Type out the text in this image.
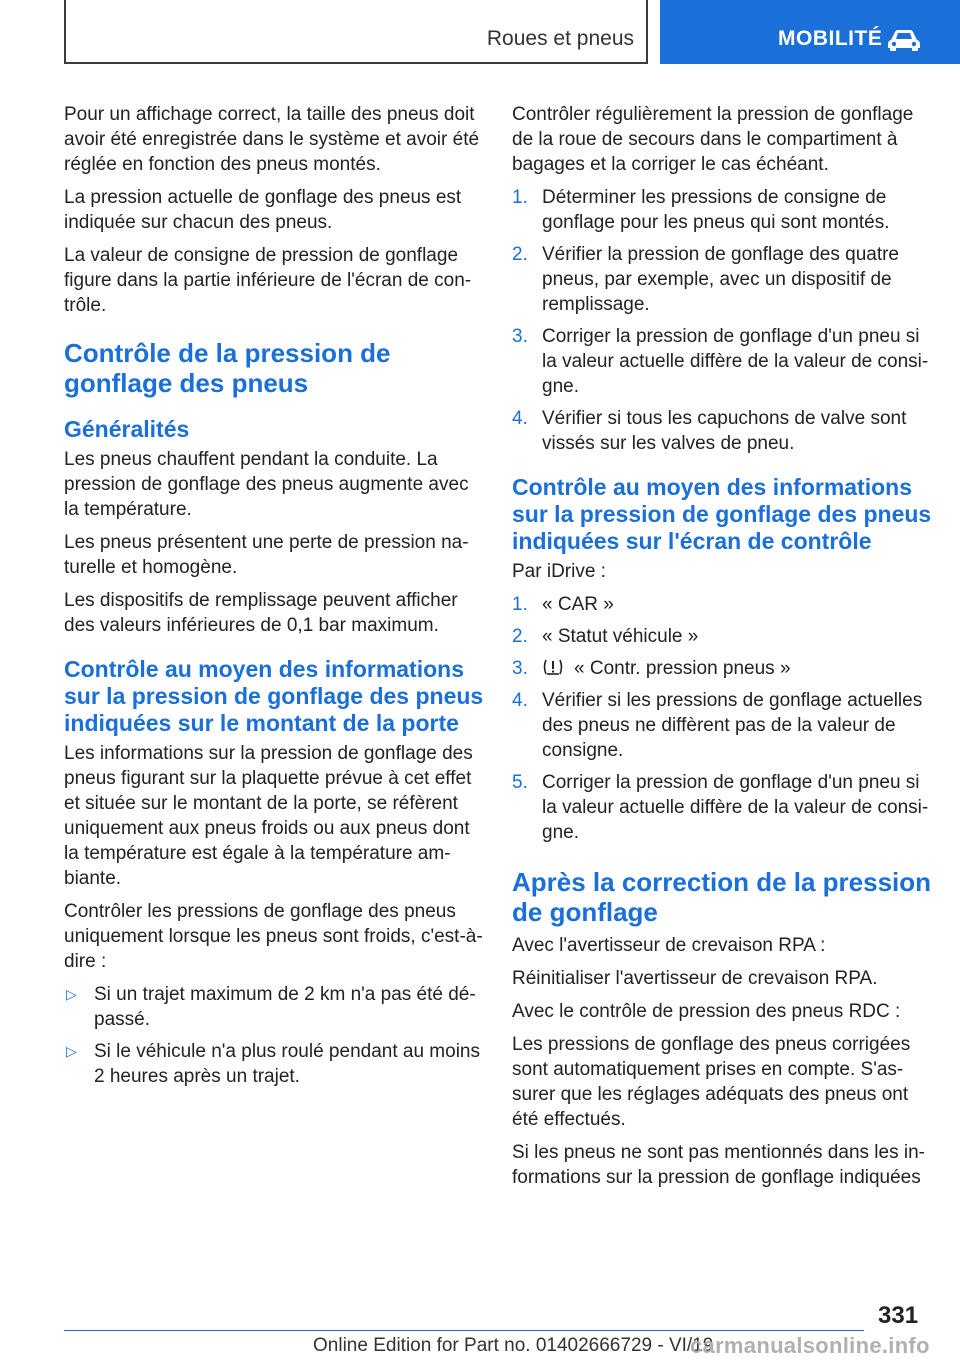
Roues et pneus	MOBILITÉ

Pour un affichage correct, la taille des pneus doit avoir été enregistrée dans le système et avoir été réglée en fonction des pneus montés.

La pression actuelle de gonflage des pneus est indiquée sur chacun des pneus.

La valeur de consigne de pression de gonflage figure dans la partie inférieure de l'écran de contrôle.

Contrôle de la pression de gonflage des pneus
Généralités

Les pneus chauffent pendant la conduite. La pression de gonflage des pneus augmente avec la température.

Les pneus présentent une perte de pression naturelle et homogène.

Les dispositifs de remplissage peuvent afficher des valeurs inférieures de 0,1 bar maximum.

Contrôle au moyen des informations sur la pression de gonflage des pneus indiquées sur le montant de la porte

Les informations sur la pression de gonflage des pneus figurant sur la plaquette prévue à cet effet et située sur le montant de la porte, se réfèrent uniquement aux pneus froids ou aux pneus dont la température est égale à la température ambiante.

Contrôler les pressions de gonflage des pneus uniquement lorsque les pneus sont froids, c'est-à-dire :

▷ Si un trajet maximum de 2 km n'a pas été dépassé.
▷ Si le véhicule n'a plus roulé pendant au moins 2 heures après un trajet.

Contrôler régulièrement la pression de gonflage de la roue de secours dans le compartiment à bagages et la corriger le cas échéant.

1. Déterminer les pressions de consigne de gonflage pour les pneus qui sont montés.
2. Vérifier la pression de gonflage des quatre pneus, par exemple, avec un dispositif de remplissage.
3. Corriger la pression de gonflage d'un pneu si la valeur actuelle diffère de la valeur de consigne.
4. Vérifier si tous les capuchons de valve sont vissés sur les valves de pneu.
Contrôle au moyen des informations sur la pression de gonflage des pneus indiquées sur l'écran de contrôle

Par iDrive :

1. « CAR »
2. « Statut véhicule »
3. « Contr. pression pneus »
4. Vérifier si les pressions de gonflage actuelles des pneus ne diffèrent pas de la valeur de consigne.
5. Corriger la pression de gonflage d'un pneu si la valeur actuelle diffère de la valeur de consigne.
Après la correction de la pression de gonflage

Avec l'avertisseur de crevaison RPA :

Réinitialiser l'avertisseur de crevaison RPA.

Avec le contrôle de pression des pneus RDC :

Les pressions de gonflage des pneus corrigées sont automatiquement prises en compte. S'assurer que les réglages adéquats des pneus ont été effectués.

Si les pneus ne sont pas mentionnés dans les informations sur la pression de gonflage indiquées

331
Online Edition for Part no. 01402666729 - VI/19
carmanualsonline.info
